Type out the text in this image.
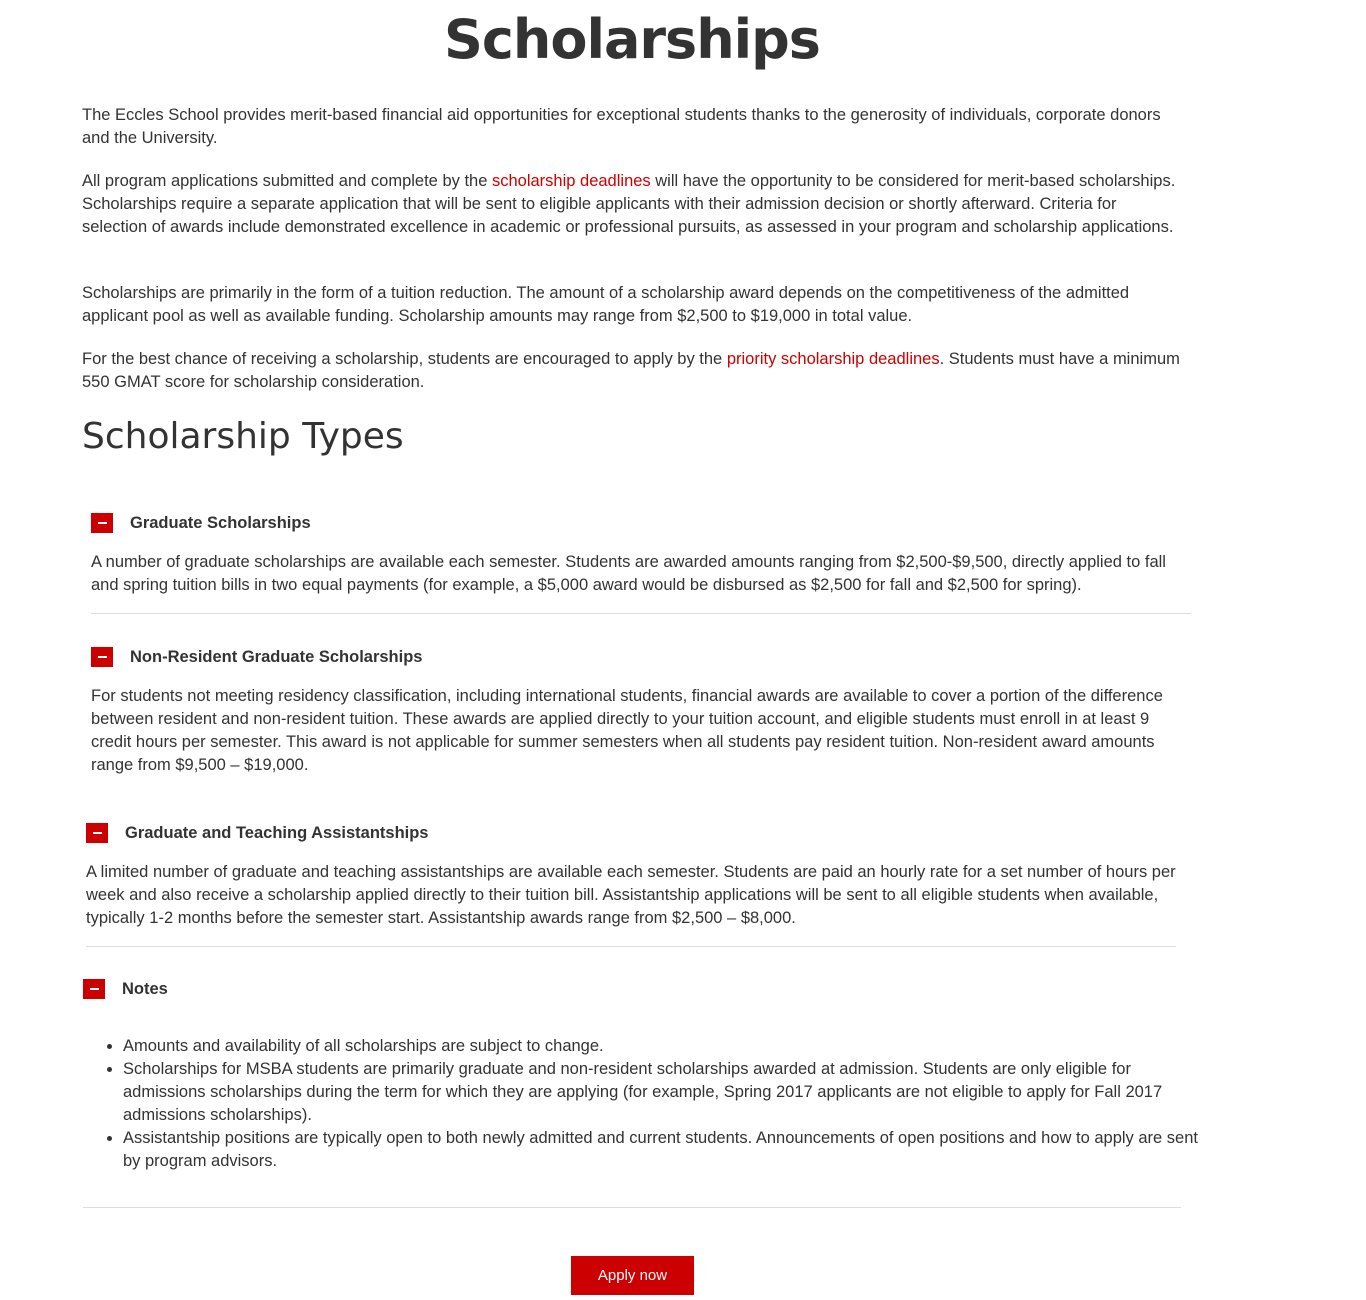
Scholarships

The Eccles School provides merit-based financial aid opportunities for exceptional students thanks to the generosity of individuals, corporate donors and the University.

All program applications submitted and complete by the scholarship deadlines will have the opportunity to be considered for merit-based scholarships. Scholarships require a separate application that will be sent to eligible applicants with their admission decision or shortly afterward. Criteria for selection of awards include demonstrated excellence in academic or professional pursuits, as assessed in your program and scholarship applications.

Scholarships are primarily in the form of a tuition reduction. The amount of a scholarship award depends on the competitiveness of the admitted applicant pool as well as available funding. Scholarship amounts may range from $2,500 to $19,000 in total value.

For the best chance of receiving a scholarship, students are encouraged to apply by the priority scholarship deadlines. Students must have a minimum 550 GMAT score for scholarship consideration.

Scholarship Types
Graduate Scholarships

A number of graduate scholarships are available each semester. Students are awarded amounts ranging from $2,500-$9,500, directly applied to fall and spring tuition bills in two equal payments (for example, a $5,000 award would be disbursed as $2,500 for fall and $2,500 for spring).

Non-Resident Graduate Scholarships

For students not meeting residency classification, including international students, financial awards are available to cover a portion of the difference between resident and non-resident tuition. These awards are applied directly to your tuition account, and eligible students must enroll in at least 9 credit hours per semester. This award is not applicable for summer semesters when all students pay resident tuition. Non-resident award amounts range from $9,500 – $19,000.

Graduate and Teaching Assistantships

A limited number of graduate and teaching assistantships are available each semester. Students are paid an hourly rate for a set number of hours per week and also receive a scholarship applied directly to their tuition bill. Assistantship applications will be sent to all eligible students when available, typically 1-2 months before the semester start. Assistantship awards range from $2,500 – $8,000.

Notes
• Amounts and availability of all scholarships are subject to change.
• Scholarships for MSBA students are primarily graduate and non-resident scholarships awarded at admission. Students are only eligible for admissions scholarships during the term for which they are applying (for example, Spring 2017 applicants are not eligible to apply for Fall 2017 admissions scholarships).
• Assistantship positions are typically open to both newly admitted and current students. Announcements of open positions and how to apply are sent by program advisors.
Apply now
